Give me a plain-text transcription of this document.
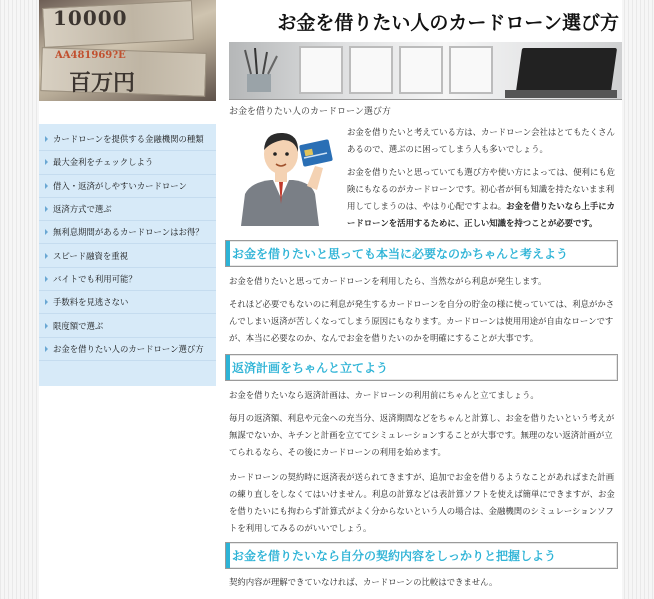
10000
AA481969?E
百万円
お金を借りたい人のカードローン選び方
お金を借りたい人のカードローン選び方
カードローンを提供する金融機関の種類
最大金利をチェックしよう
借入・返済がしやすいカードローン
返済方式で選ぶ
無利息期間があるカードローンはお得？
スピード融資を重視
バイトでも利用可能？
手数料を見逃さない
限度額で選ぶ
お金を借りたい人のカードローン選び方

お金を借りたいと考えている方は、カードローン会社はとてもたくさんあるので、選ぶのに困ってしまう人も多いでしょう。

お金を借りたいと思っていても選び方や使い方によっては、便利にも危険にもなるのがカードローンです。初心者が何も知識を持たないまま利用してしまうのは、やはり心配ですよね。お金を借りたいなら上手にカードローンを活用するために、正しい知識を持つことが必要です。

お金を借りたいと思っても本当に必要なのかちゃんと考えよう

お金を借りたいと思ってカードローンを利用したら、当然ながら利息が発生します。

それほど必要でもないのに利息が発生するカードローンを自分の貯金の様に使っていては、利息がかさんでしまい返済が苦しくなってしまう原因にもなります。カードローンは使用用途が自由なローンですが、本当に必要なのか、なんでお金を借りたいのかを明確にすることが大事です。

返済計画をちゃんと立てよう

お金を借りたいなら返済計画は、カードローンの利用前にちゃんと立てましょう。

毎月の返済額、利息や元金への充当分、返済期間などをちゃんと計算し、お金を借りたいという考えが無謀でないか、キチンと計画を立ててシミュレーションすることが大事です。無理のない返済計画が立てられるなら、その後にカードローンの利用を始めます。

カードローンの契約時に返済表が送られてきますが、追加でお金を借りるようなことがあればまた計画の練り直しをしなくてはいけません。利息の計算などは表計算ソフトを使えば簡単にできますが、お金を借りたいにも拘わらず計算式がよく分からないという人の場合は、金融機関のシミュレーションソフトを利用してみるのがいいでしょう。

お金を借りたいなら自分の契約内容をしっかりと把握しよう

契約内容が理解できていなければ、カードローンの比較はできません。
